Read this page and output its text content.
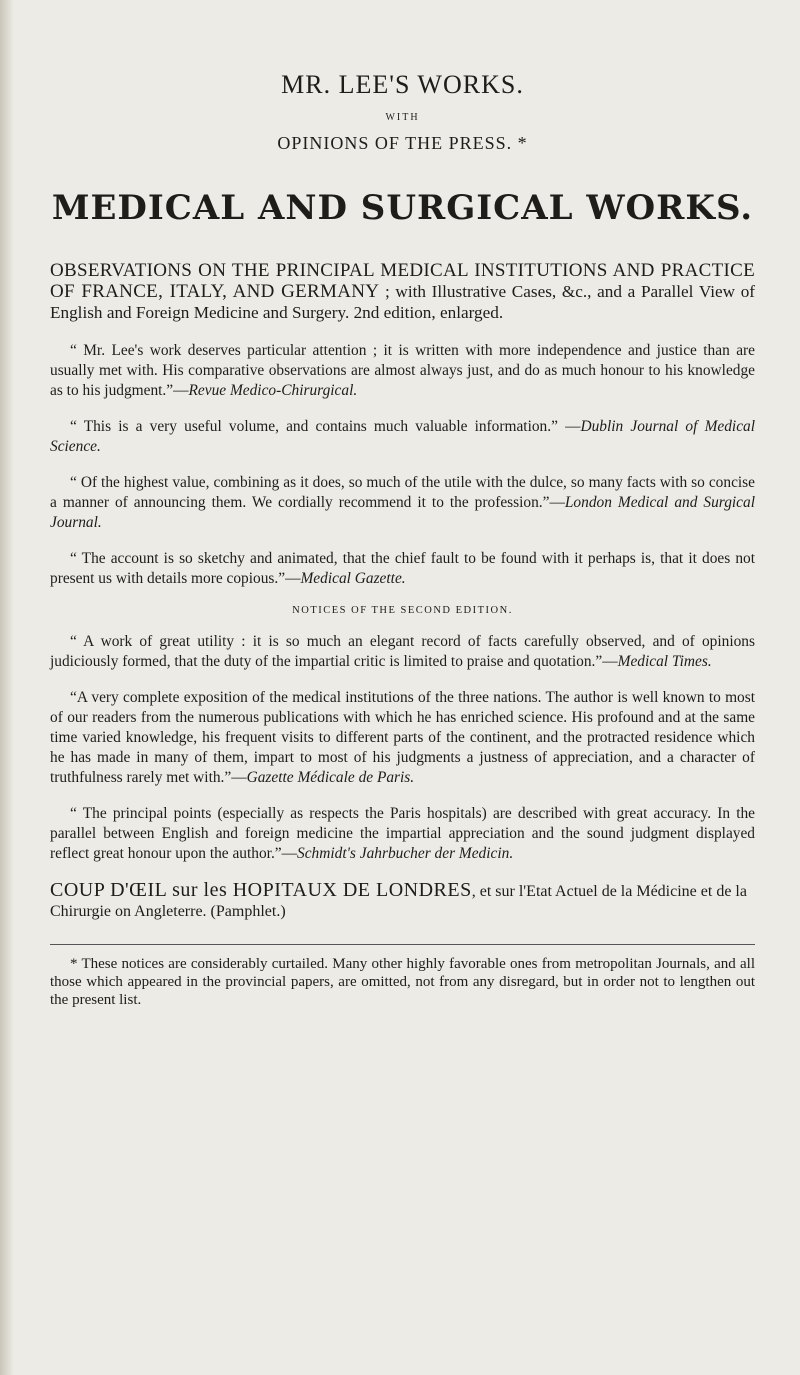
MR. LEE'S WORKS.
WITH
OPINIONS OF THE PRESS. *
MEDICAL AND SURGICAL WORKS.
OBSERVATIONS ON THE PRINCIPAL MEDICAL INSTITUTIONS AND PRACTICE OF FRANCE, ITALY, AND GERMANY ; with Illustrative Cases, &c., and a Parallel View of English and Foreign Medicine and Surgery. 2nd edition, enlarged.
“ Mr. Lee's work deserves particular attention ; it is written with more independence and justice than are usually met with. His comparative observations are almost always just, and do as much honour to his knowledge as to his judgment.”—Revue Medico-Chirurgical.
“ This is a very useful volume, and contains much valuable information.” —Dublin Journal of Medical Science.
“ Of the highest value, combining as it does, so much of the utile with the dulce, so many facts with so concise a manner of announcing them. We cordially recommend it to the profession.”—London Medical and Surgical Journal.
“ The account is so sketchy and animated, that the chief fault to be found with it perhaps is, that it does not present us with details more copious.”—Medical Gazette.
NOTICES OF THE SECOND EDITION.
“ A work of great utility : it is so much an elegant record of facts carefully observed, and of opinions judiciously formed, that the duty of the impartial critic is limited to praise and quotation.”—Medical Times.
“A very complete exposition of the medical institutions of the three nations. The author is well known to most of our readers from the numerous publications with which he has enriched science. His profound and at the same time varied knowledge, his frequent visits to different parts of the continent, and the protracted residence which he has made in many of them, impart to most of his judgments a justness of appreciation, and a character of truthfulness rarely met with.”—Gazette Médicale de Paris.
“ The principal points (especially as respects the Paris hospitals) are described with great accuracy. In the parallel between English and foreign medicine the impartial appreciation and the sound judgment displayed reflect great honour upon the author.”—Schmidt's Jahrbucher der Medicin.
COUP D'ŒIL sur les HOPITAUX DE LONDRES, et sur l'Etat Actuel de la Médicine et de la Chirurgie on Angleterre. (Pamphlet.)
* These notices are considerably curtailed. Many other highly favorable ones from metropolitan Journals, and all those which appeared in the provincial papers, are omitted, not from any disregard, but in order not to lengthen out the present list.
